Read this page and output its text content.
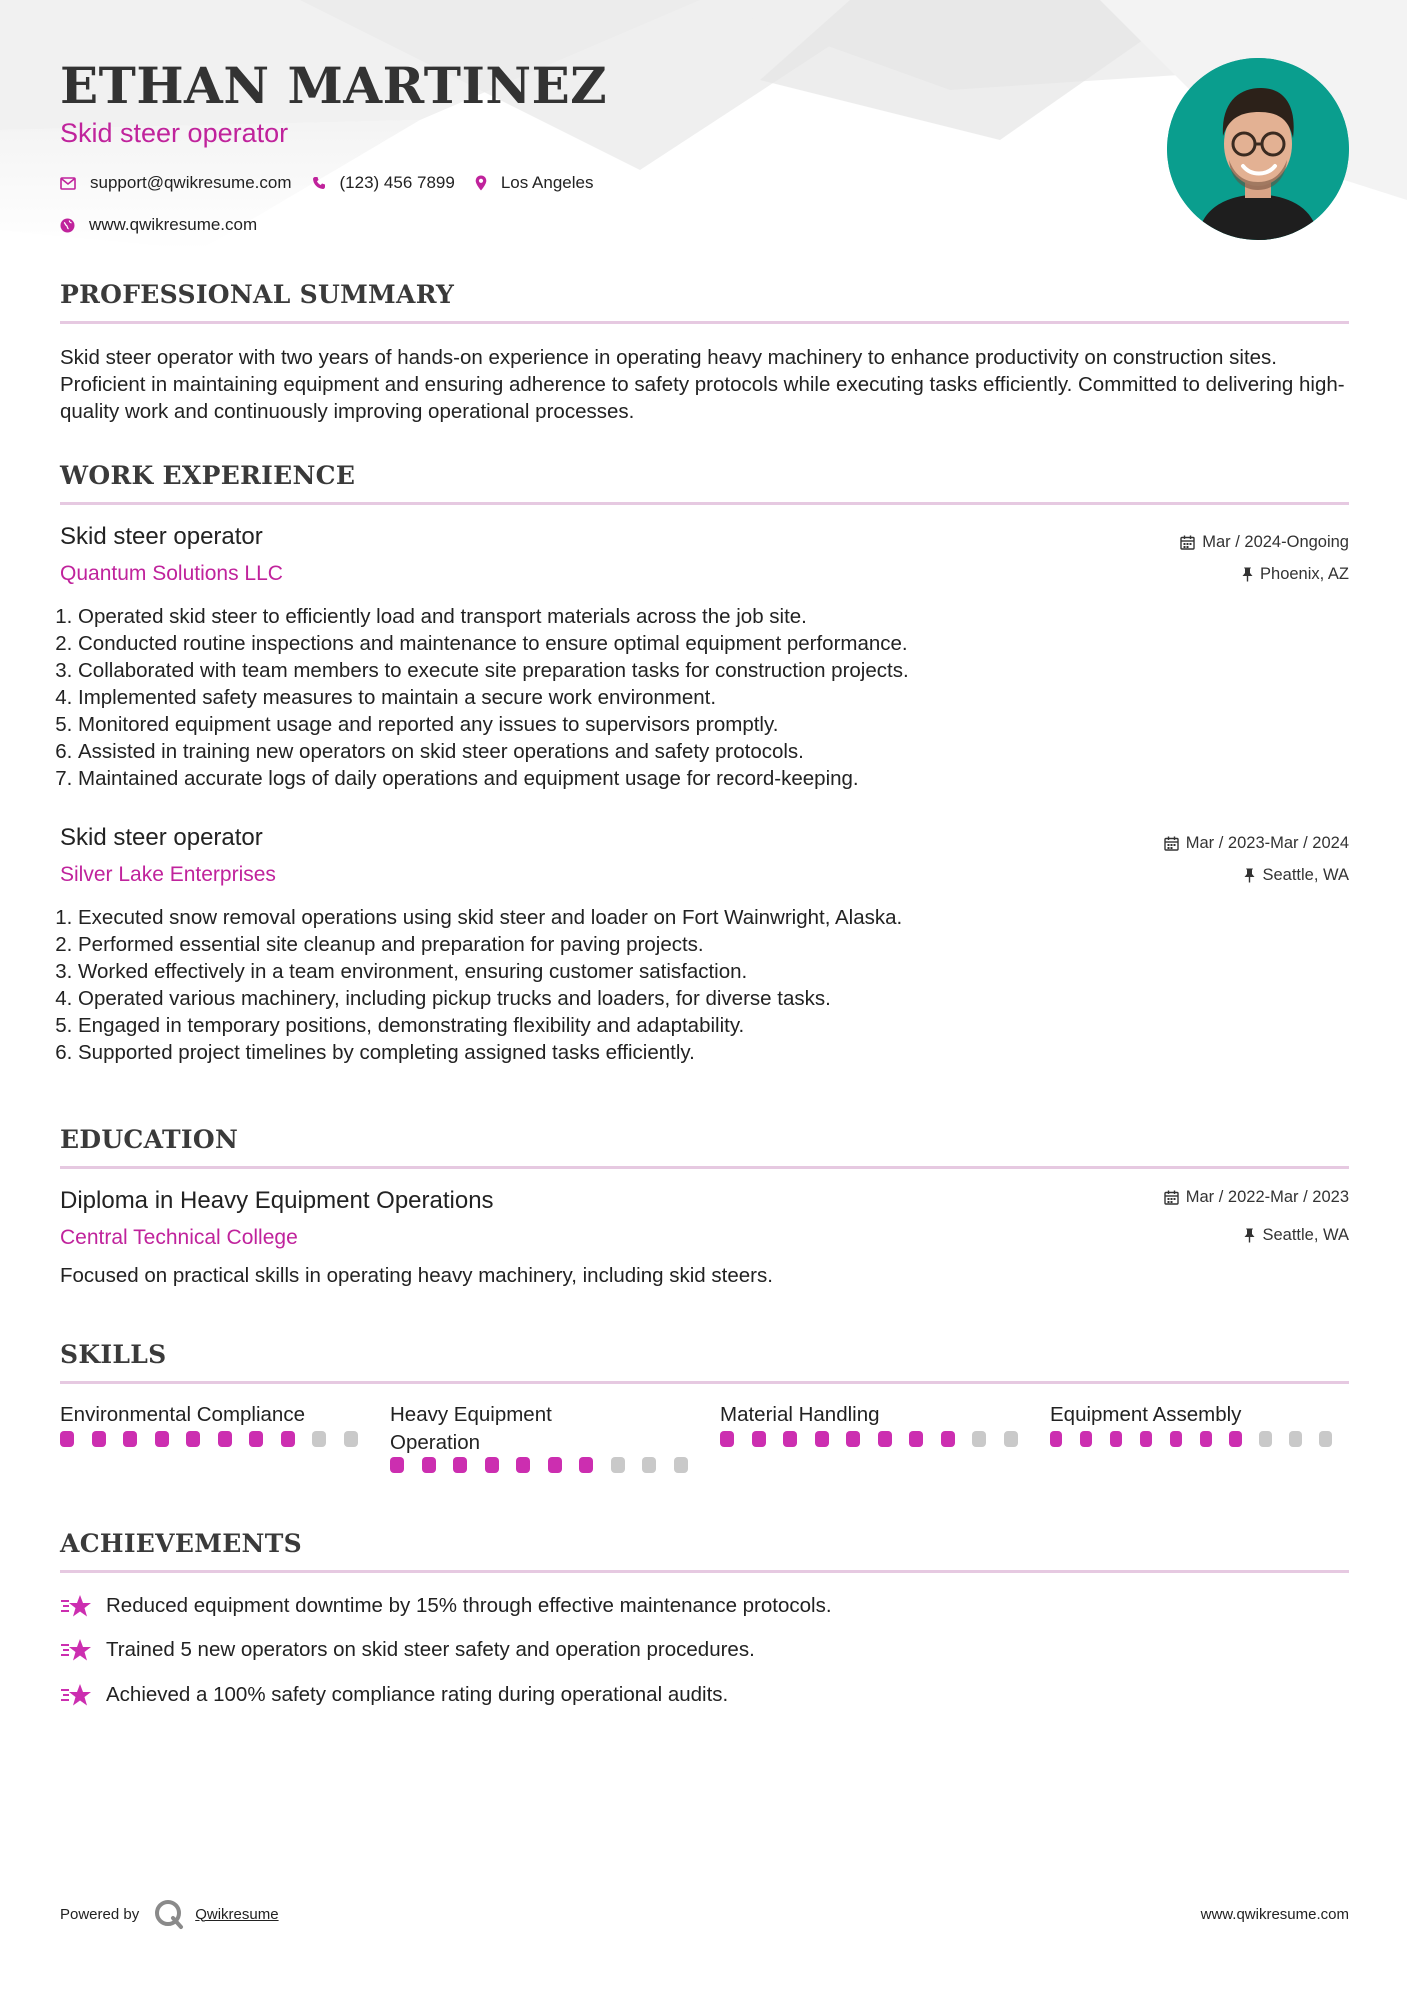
ETHAN MARTINEZ
Skid steer operator
support@qwikresume.com	(123) 456 7899	Los Angeles
www.qwikresume.com
PROFESSIONAL SUMMARY

Skid steer operator with two years of hands-on experience in operating heavy machinery to enhance productivity on construction sites. Proficient in maintaining equipment and ensuring adherence to safety protocols while executing tasks efficiently. Committed to delivering high-quality work and continuously improving operational processes.

WORK EXPERIENCE
Skid steer operator
Quantum Solutions LLC
Mar / 2024-Ongoing
Phoenix, AZ
1. Operated skid steer to efficiently load and transport materials across the job site.
2. Conducted routine inspections and maintenance to ensure optimal equipment performance.
3. Collaborated with team members to execute site preparation tasks for construction projects.
4. Implemented safety measures to maintain a secure work environment.
5. Monitored equipment usage and reported any issues to supervisors promptly.
6. Assisted in training new operators on skid steer operations and safety protocols.
7. Maintained accurate logs of daily operations and equipment usage for record-keeping.
Skid steer operator
Silver Lake Enterprises
Mar / 2023-Mar / 2024
Seattle, WA
1. Executed snow removal operations using skid steer and loader on Fort Wainwright, Alaska.
2. Performed essential site cleanup and preparation for paving projects.
3. Worked effectively in a team environment, ensuring customer satisfaction.
4. Operated various machinery, including pickup trucks and loaders, for diverse tasks.
5. Engaged in temporary positions, demonstrating flexibility and adaptability.
6. Supported project timelines by completing assigned tasks efficiently.
EDUCATION
Diploma in Heavy Equipment Operations
Central Technical College
Mar / 2022-Mar / 2023
Seattle, WA

Focused on practical skills in operating heavy machinery, including skid steers.

SKILLS
Environmental Compliance	Heavy Equipment Operation
Material Handling	Equipment Assembly
ACHIEVEMENTS
Reduced equipment downtime by 15% through effective maintenance protocols.
Trained 5 new operators on skid steer safety and operation procedures.
Achieved a 100% safety compliance rating during operational audits.
Powered by	Qwikresume	www.qwikresume.com
